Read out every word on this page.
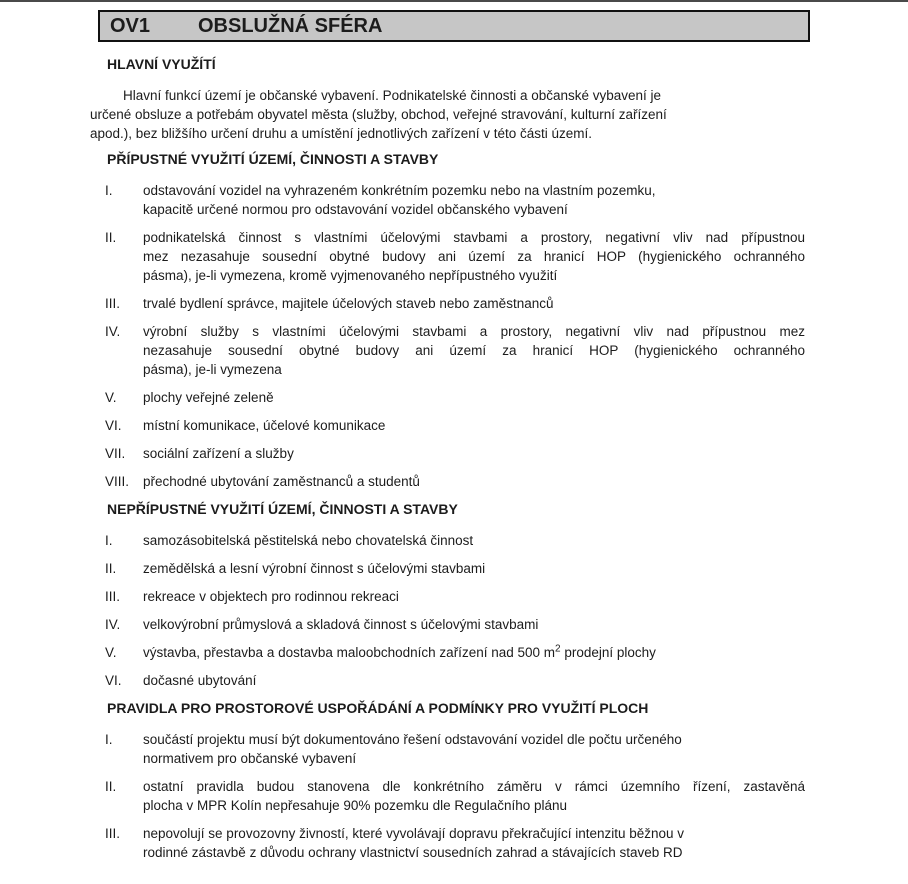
OV1 OBSLUŽNÁ SFÉRA
HLAVNÍ VYUŽÍTÍ
Hlavní funkcí území je občanské vybavení. Podnikatelské činnosti a občanské vybavení je
určené obsluze a potřebám obyvatel města (služby, obchod, veřejné stravování, kulturní zařízení
apod.), bez bližšího určení druhu a umístění jednotlivých zařízení v této části území.
PŘÍPUSTNÉ VYUŽITÍ ÚZEMÍ, ČINNOSTI A STAVBY
I.	odstavování vozidel na vyhrazeném konkrétním pozemku nebo na vlastním pozemku,
kapacitě určené normou pro odstavování vozidel občanského vybavení
II.	podnikatelská činnost s vlastními účelovými stavbami a prostory, negativní vliv nad přípustnou
mez nezasahuje sousední obytné budovy ani území za hranicí HOP (hygienického ochranného
pásma), je-li vymezena, kromě vyjmenovaného nepřípustného využití
III.	trvalé bydlení správce, majitele účelových staveb nebo zaměstnanců
IV.	výrobní služby s vlastními účelovými stavbami a prostory, negativní vliv nad přípustnou mez
nezasahuje sousední obytné budovy ani území za hranicí HOP (hygienického ochranného
pásma), je-li vymezena
V.	plochy veřejné zeleně
VI.	místní komunikace, účelové komunikace
VII.	sociální zařízení a služby
VIII.	přechodné ubytování zaměstnanců a studentů
NEPŘÍPUSTNÉ VYUŽITÍ ÚZEMÍ, ČINNOSTI A STAVBY
I.	samozásobitelská pěstitelská nebo chovatelská činnost
II.	zemědělská a lesní výrobní činnost s účelovými stavbami
III.	rekreace v objektech pro rodinnou rekreaci
IV.	velkovýrobní průmyslová a skladová činnost s účelovými stavbami
V.	výstavba, přestavba a dostavba maloobchodních zařízení nad 500 $m^2$ prodejní plochy
VI.	dočasné ubytování
PRAVIDLA PRO PROSTOROVÉ USPOŘÁDÁNÍ A PODMÍNKY PRO VYUŽITÍ PLOCH
I.	součástí projektu musí být dokumentováno řešení odstavování vozidel dle počtu určeného
normativem pro občanské vybavení
II.	ostatní pravidla budou stanovena dle konkrétního záměru v rámci územního řízení, zastavěná
plocha v MPR Kolín nepřesahuje 90% pozemku dle Regulačního plánu
III.	nepovolují se provozovny živností, které vyvolávají dopravu překračující intenzitu běžnou v
rodinné zástavbě z důvodu ochrany vlastnictví sousedních zahrad a stávajících staveb RD
